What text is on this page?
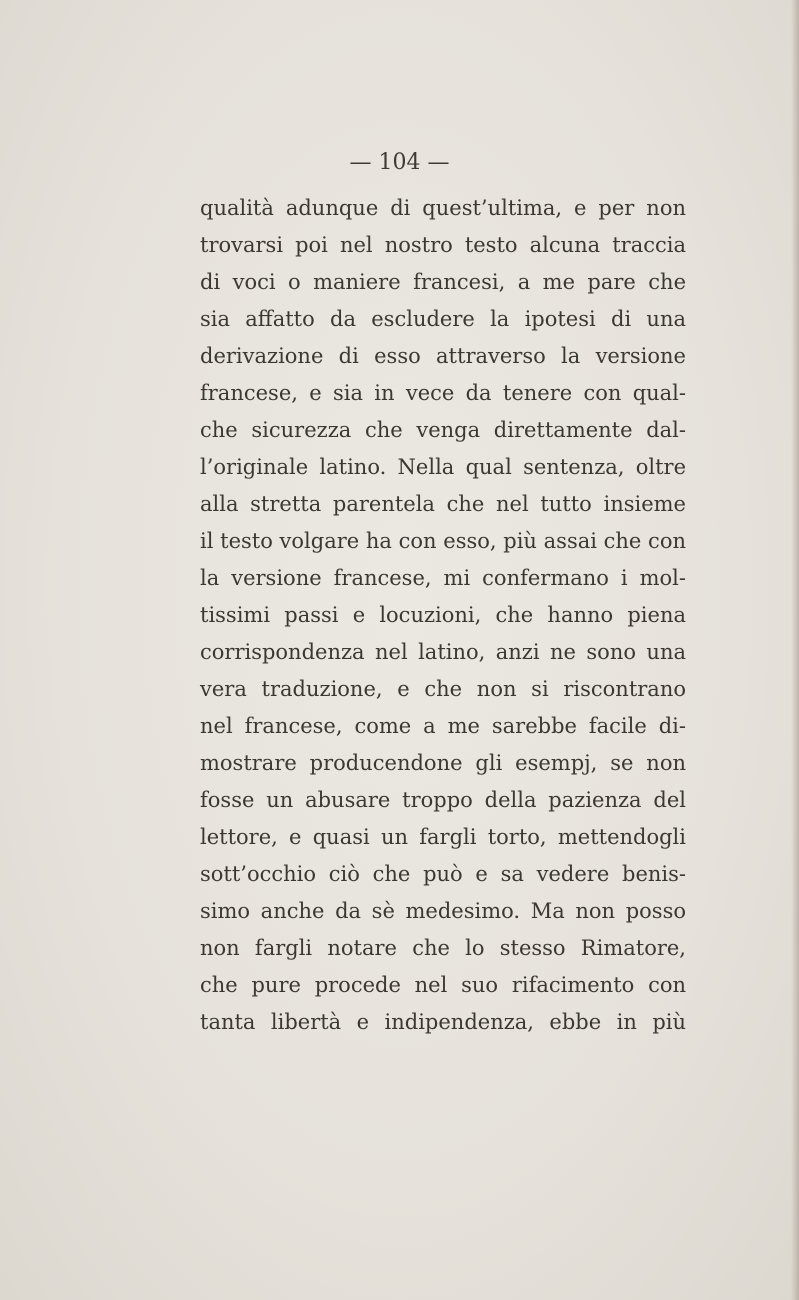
— 104 —
qualità adunque di quest’ultima, e per non
trovarsi poi nel nostro testo alcuna traccia
di voci o maniere francesi, a me pare che
sia affatto da escludere la ipotesi di una
derivazione di esso attraverso la versione
francese, e sia in vece da tenere con qual-
che sicurezza che venga direttamente dal-
l’originale latino. Nella qual sentenza, oltre
alla stretta parentela che nel tutto insieme
il testo volgare ha con esso, più assai che con
la versione francese, mi confermano i mol-
tissimi passi e locuzioni, che hanno piena
corrispondenza nel latino, anzi ne sono una
vera traduzione, e che non si riscontrano
nel francese, come a me sarebbe facile di-
mostrare producendone gli esempj, se non
fosse un abusare troppo della pazienza del
lettore, e quasi un fargli torto, mettendogli
sott’occhio ciò che può e sa vedere benis-
simo anche da sè medesimo. Ma non posso
non fargli notare che lo stesso Rimatore,
che pure procede nel suo rifacimento con
tanta libertà e indipendenza, ebbe in più
